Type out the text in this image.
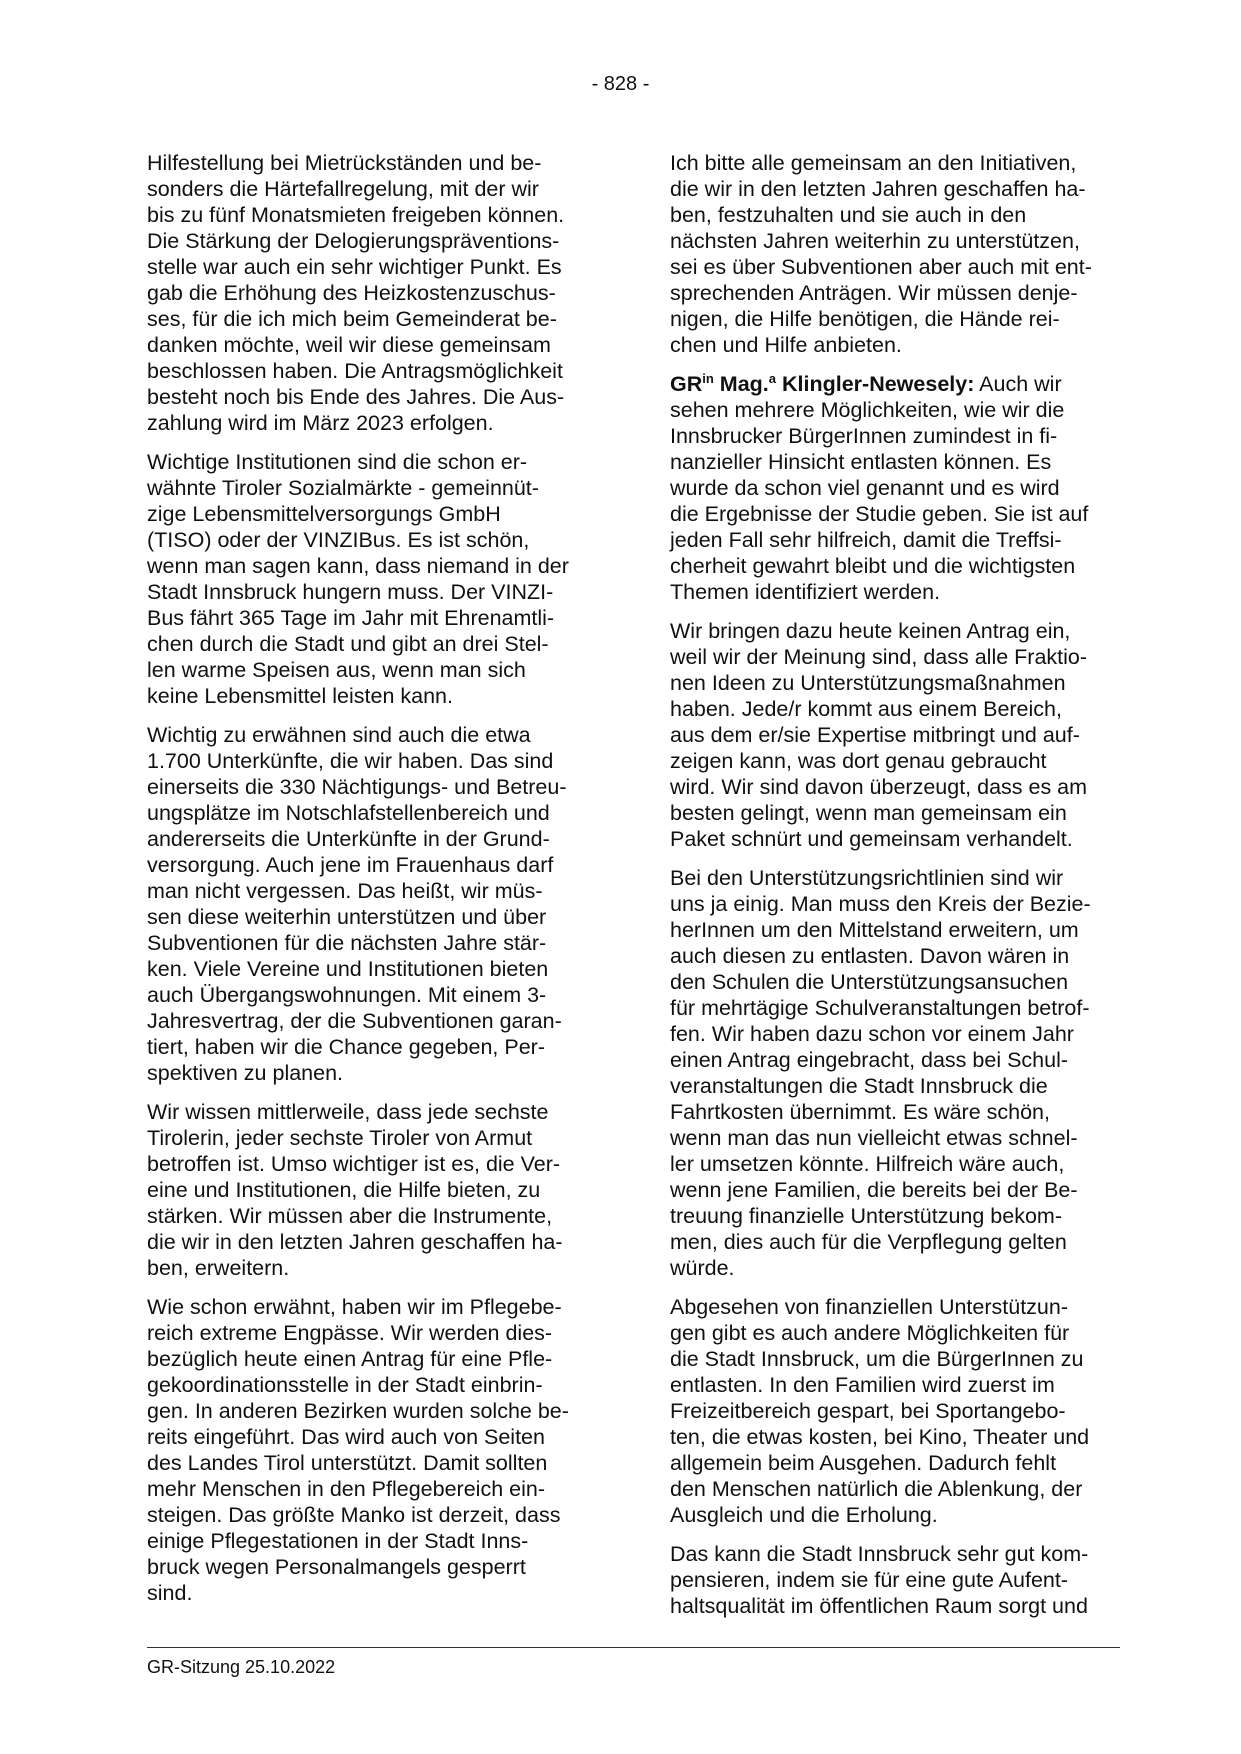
- 828 -
Hilfestellung bei Mietrückständen und be-
sonders die Härtefallregelung, mit der wir
bis zu fünf Monatsmieten freigeben können.
Die Stärkung der Delogierungspräventions-
stelle war auch ein sehr wichtiger Punkt. Es
gab die Erhöhung des Heizkostenzuschus-
ses, für die ich mich beim Gemeinderat be-
danken möchte, weil wir diese gemeinsam
beschlossen haben. Die Antragsmöglichkeit
besteht noch bis Ende des Jahres. Die Aus-
zahlung wird im März 2023 erfolgen.
Wichtige Institutionen sind die schon er-
wähnte Tiroler Sozialmärkte - gemeinnüt-
zige Lebensmittelversorgungs GmbH
(TISO) oder der VINZIBus. Es ist schön,
wenn man sagen kann, dass niemand in der
Stadt Innsbruck hungern muss. Der VINZI-
Bus fährt 365 Tage im Jahr mit Ehrenamtli-
chen durch die Stadt und gibt an drei Stel-
len warme Speisen aus, wenn man sich
keine Lebensmittel leisten kann.
Wichtig zu erwähnen sind auch die etwa
1.700 Unterkünfte, die wir haben. Das sind
einerseits die 330 Nächtigungs- und Betreu-
ungsplätze im Notschlafstellenbereich und
andererseits die Unterkünfte in der Grund-
versorgung. Auch jene im Frauenhaus darf
man nicht vergessen. Das heißt, wir müs-
sen diese weiterhin unterstützen und über
Subventionen für die nächsten Jahre stär-
ken. Viele Vereine und Institutionen bieten
auch Übergangswohnungen. Mit einem 3-
Jahresvertrag, der die Subventionen garan-
tiert, haben wir die Chance gegeben, Per-
spektiven zu planen.
Wir wissen mittlerweile, dass jede sechste
Tirolerin, jeder sechste Tiroler von Armut
betroffen ist. Umso wichtiger ist es, die Ver-
eine und Institutionen, die Hilfe bieten, zu
stärken. Wir müssen aber die Instrumente,
die wir in den letzten Jahren geschaffen ha-
ben, erweitern.
Wie schon erwähnt, haben wir im Pflegebe-
reich extreme Engpässe. Wir werden dies-
bezüglich heute einen Antrag für eine Pfle-
gekoordinationsstelle in der Stadt einbrin-
gen. In anderen Bezirken wurden solche be-
reits eingeführt. Das wird auch von Seiten
des Landes Tirol unterstützt. Damit sollten
mehr Menschen in den Pflegebereich ein-
steigen. Das größte Manko ist derzeit, dass
einige Pflegestationen in der Stadt Inns-
bruck wegen Personalmangels gesperrt
sind.
Ich bitte alle gemeinsam an den Initiativen,
die wir in den letzten Jahren geschaffen ha-
ben, festzuhalten und sie auch in den
nächsten Jahren weiterhin zu unterstützen,
sei es über Subventionen aber auch mit ent-
sprechenden Anträgen. Wir müssen denje-
nigen, die Hilfe benötigen, die Hände rei-
chen und Hilfe anbieten.
$GR^{in}$ Mag.$^a$ Klingler-Newesely: Auch wir
sehen mehrere Möglichkeiten, wie wir die
Innsbrucker BürgerInnen zumindest in fi-
nanzieller Hinsicht entlasten können. Es
wurde da schon viel genannt und es wird
die Ergebnisse der Studie geben. Sie ist auf
jeden Fall sehr hilfreich, damit die Treffsi-
cherheit gewahrt bleibt und die wichtigsten
Themen identifiziert werden.
Wir bringen dazu heute keinen Antrag ein,
weil wir der Meinung sind, dass alle Fraktio-
nen Ideen zu Unterstützungsmaßnahmen
haben. Jede/r kommt aus einem Bereich,
aus dem er/sie Expertise mitbringt und auf-
zeigen kann, was dort genau gebraucht
wird. Wir sind davon überzeugt, dass es am
besten gelingt, wenn man gemeinsam ein
Paket schnürt und gemeinsam verhandelt.
Bei den Unterstützungsrichtlinien sind wir
uns ja einig. Man muss den Kreis der Bezie-
herInnen um den Mittelstand erweitern, um
auch diesen zu entlasten. Davon wären in
den Schulen die Unterstützungsansuchen
für mehrtägige Schulveranstaltungen betrof-
fen. Wir haben dazu schon vor einem Jahr
einen Antrag eingebracht, dass bei Schul-
veranstaltungen die Stadt Innsbruck die
Fahrtkosten übernimmt. Es wäre schön,
wenn man das nun vielleicht etwas schnel-
ler umsetzen könnte. Hilfreich wäre auch,
wenn jene Familien, die bereits bei der Be-
treuung finanzielle Unterstützung bekom-
men, dies auch für die Verpflegung gelten
würde.
Abgesehen von finanziellen Unterstützun-
gen gibt es auch andere Möglichkeiten für
die Stadt Innsbruck, um die BürgerInnen zu
entlasten. In den Familien wird zuerst im
Freizeitbereich gespart, bei Sportangebo-
ten, die etwas kosten, bei Kino, Theater und
allgemein beim Ausgehen. Dadurch fehlt
den Menschen natürlich die Ablenkung, der
Ausgleich und die Erholung.
Das kann die Stadt Innsbruck sehr gut kom-
pensieren, indem sie für eine gute Aufent-
haltsqualität im öffentlichen Raum sorgt und
GR-Sitzung 25.10.2022
